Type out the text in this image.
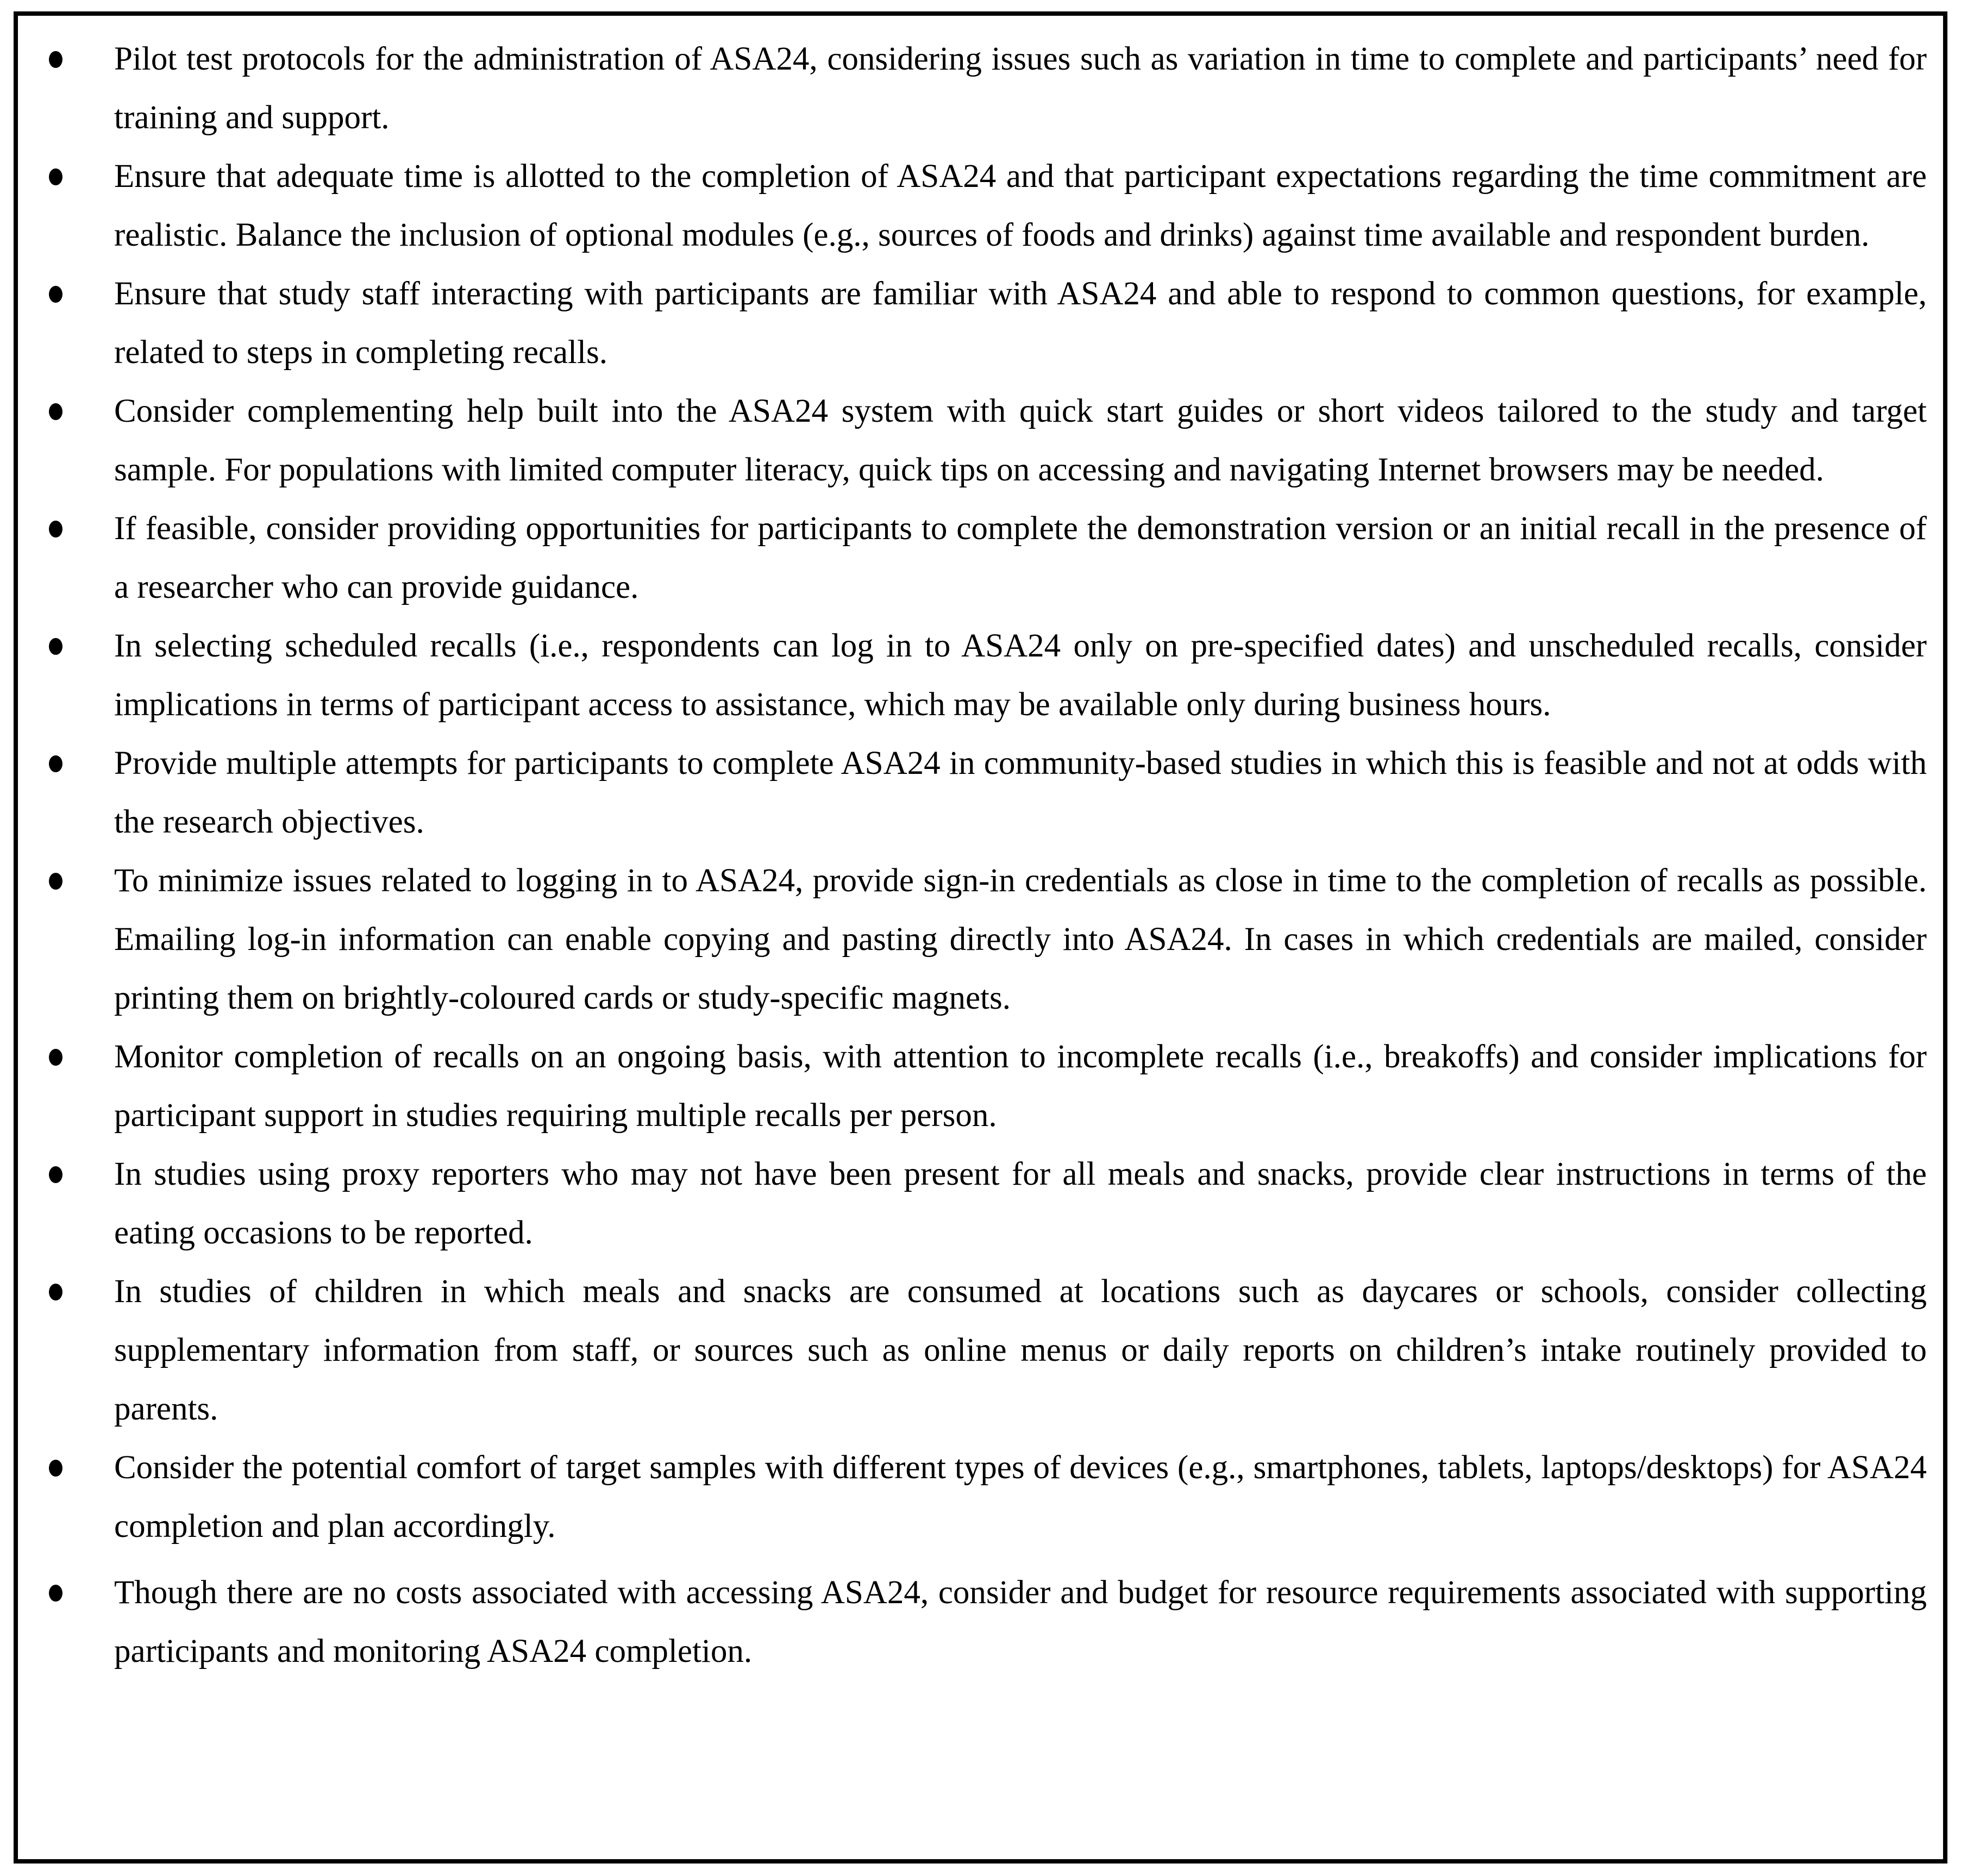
Pilot test protocols for the administration of ASA24, considering issues such as variation in time to complete and participants’ need for training and support.
Ensure that adequate time is allotted to the completion of ASA24 and that participant expectations regarding the time commitment are realistic. Balance the inclusion of optional modules (e.g., sources of foods and drinks) against time available and respondent burden.
Ensure that study staff interacting with participants are familiar with ASA24 and able to respond to common questions, for example, related to steps in completing recalls.
Consider complementing help built into the ASA24 system with quick start guides or short videos tailored to the study and target sample. For populations with limited computer literacy, quick tips on accessing and navigating Internet browsers may be needed.
If feasible, consider providing opportunities for participants to complete the demonstration version or an initial recall in the presence of a researcher who can provide guidance.
In selecting scheduled recalls (i.e., respondents can log in to ASA24 only on pre-specified dates) and unscheduled recalls, consider implications in terms of participant access to assistance, which may be available only during business hours.
Provide multiple attempts for participants to complete ASA24 in community-based studies in which this is feasible and not at odds with the research objectives.
To minimize issues related to logging in to ASA24, provide sign-in credentials as close in time to the completion of recalls as possible. Emailing log-in information can enable copying and pasting directly into ASA24. In cases in which credentials are mailed, consider printing them on brightly-coloured cards or study-specific magnets.
Monitor completion of recalls on an ongoing basis, with attention to incomplete recalls (i.e., breakoffs) and consider implications for participant support in studies requiring multiple recalls per person.
In studies using proxy reporters who may not have been present for all meals and snacks, provide clear instructions in terms of the eating occasions to be reported.
In studies of children in which meals and snacks are consumed at locations such as daycares or schools, consider collecting supplementary information from staff, or sources such as online menus or daily reports on children’s intake routinely provided to parents.
Consider the potential comfort of target samples with different types of devices (e.g., smartphones, tablets, laptops/desktops) for ASA24 completion and plan accordingly.
Though there are no costs associated with accessing ASA24, consider and budget for resource requirements associated with supporting participants and monitoring ASA24 completion.
